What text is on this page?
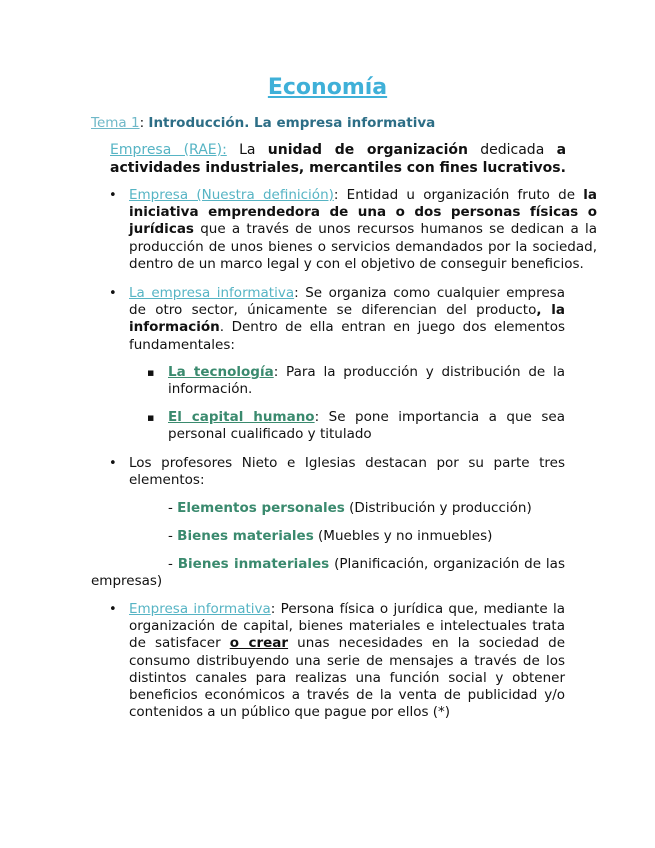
Economía
Tema 1: Introducción. La empresa informativa
Empresa (RAE): La unidad de organización dedicada a actividades industriales, mercantiles con fines lucrativos.
• Empresa (Nuestra definición): Entidad u organización fruto de la iniciativa emprendedora de una o dos personas físicas o jurídicas que a través de unos recursos humanos se dedican a la producción de unos bienes o servicios demandados por la sociedad, dentro de un marco legal y con el objetivo de conseguir beneficios.
• La empresa informativa: Se organiza como cualquier empresa de otro sector, únicamente se diferencian del producto, la información. Dentro de ella entran en juego dos elementos fundamentales:
▪ La tecnología: Para la producción y distribución de la información.
▪ El capital humano: Se pone importancia a que sea personal cualificado y titulado
• Los profesores Nieto e Iglesias destacan por su parte tres elementos:
- Elementos personales (Distribución y producción)
- Bienes materiales (Muebles y no inmuebles)
- Bienes inmateriales (Planificación, organización de las
empresas)
• Empresa informativa: Persona física o jurídica que, mediante la organización de capital, bienes materiales e intelectuales trata de satisfacer o crear unas necesidades en la sociedad de consumo distribuyendo una serie de mensajes a través de los distintos canales para realizas una función social y obtener beneficios económicos a través de la venta de publicidad y/o contenidos a un público que pague por ellos (*)
